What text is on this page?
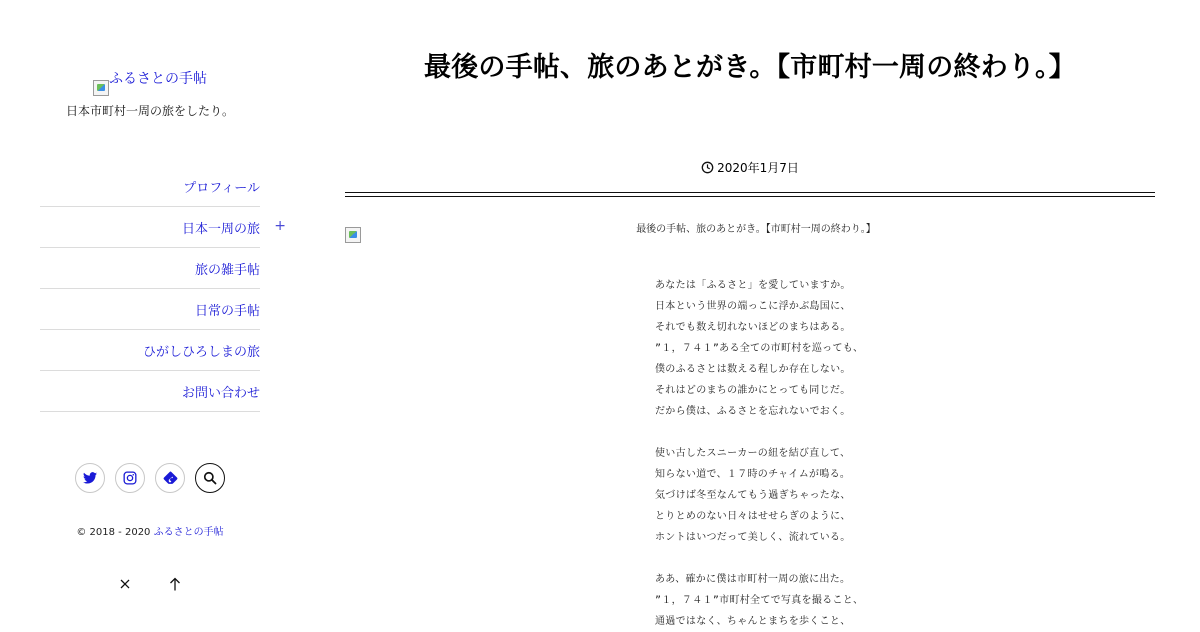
ふるさとの手帖
日本市町村一周の旅をしたり。
プロフィール
日本一周の旅 +
旅の雑手帖
日常の手帖
ひがしひろしまの旅
お問い合わせ
© 2018 - 2020 ふるさとの手帖
最後の手帖、旅のあとがき。【市町村一周の終わり。】
2020年1月7日
最後の手帖、旅のあとがき。【市町村一周の終わり。】

あなたは「ふるさと」を愛していますか。

日本という世界の端っこに浮かぶ島国に、

それでも数え切れないほどのまちはある。

”１，７４１”ある全ての市町村を巡っても、

僕のふるさとは数える程しか存在しない。

それはどのまちの誰かにとっても同じだ。

だから僕は、ふるさとを忘れないでおく。

使い古したスニーカーの紐を結び直して、

知らない道で、１７時のチャイムが鳴る。

気づけば冬至なんてもう過ぎちゃったな、

とりとめのない日々はせせらぎのように、

ホントはいつだって美しく、流れている。

ああ、確かに僕は市町村一周の旅に出た。

”１，７４１”市町村全てで写真を撮ること、

通過ではなく、ちゃんとまちを歩くこと、
